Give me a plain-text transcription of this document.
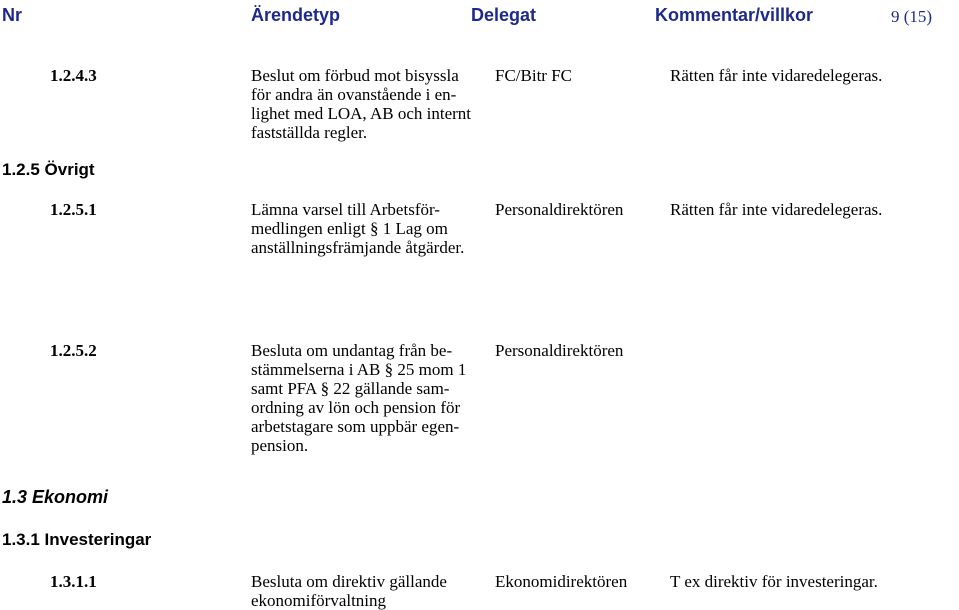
Nr	Ärendetyp	Delegat	Kommentar/villkor	9 (15)
1.2.4.3	Beslut om förbud mot bisyssla
för andra än ovanstående i en-
lighet med LOA, AB och internt
fastställda regler.
FC/Bitr FC	Rätten får inte vidaredelegeras.
1.2.5 Övrigt
1.2.5.1	Lämna varsel till Arbetsför-
medlingen enligt § 1 Lag om
anställningsfrämjande åtgärder.
Personaldirektören	Rätten får inte vidaredelegeras.
1.2.5.2	Besluta om undantag från be-
stämmelserna i AB § 25 mom 1
samt PFA § 22 gällande sam-
ordning av lön och pension för
arbetstagare som uppbär egen-
pension.
Personaldirektören
1.3 Ekonomi
1.3.1 Investeringar
1.3.1.1	Besluta om direktiv gällande
ekonomiförvaltning
Ekonomidirektören	T ex direktiv för investeringar.
